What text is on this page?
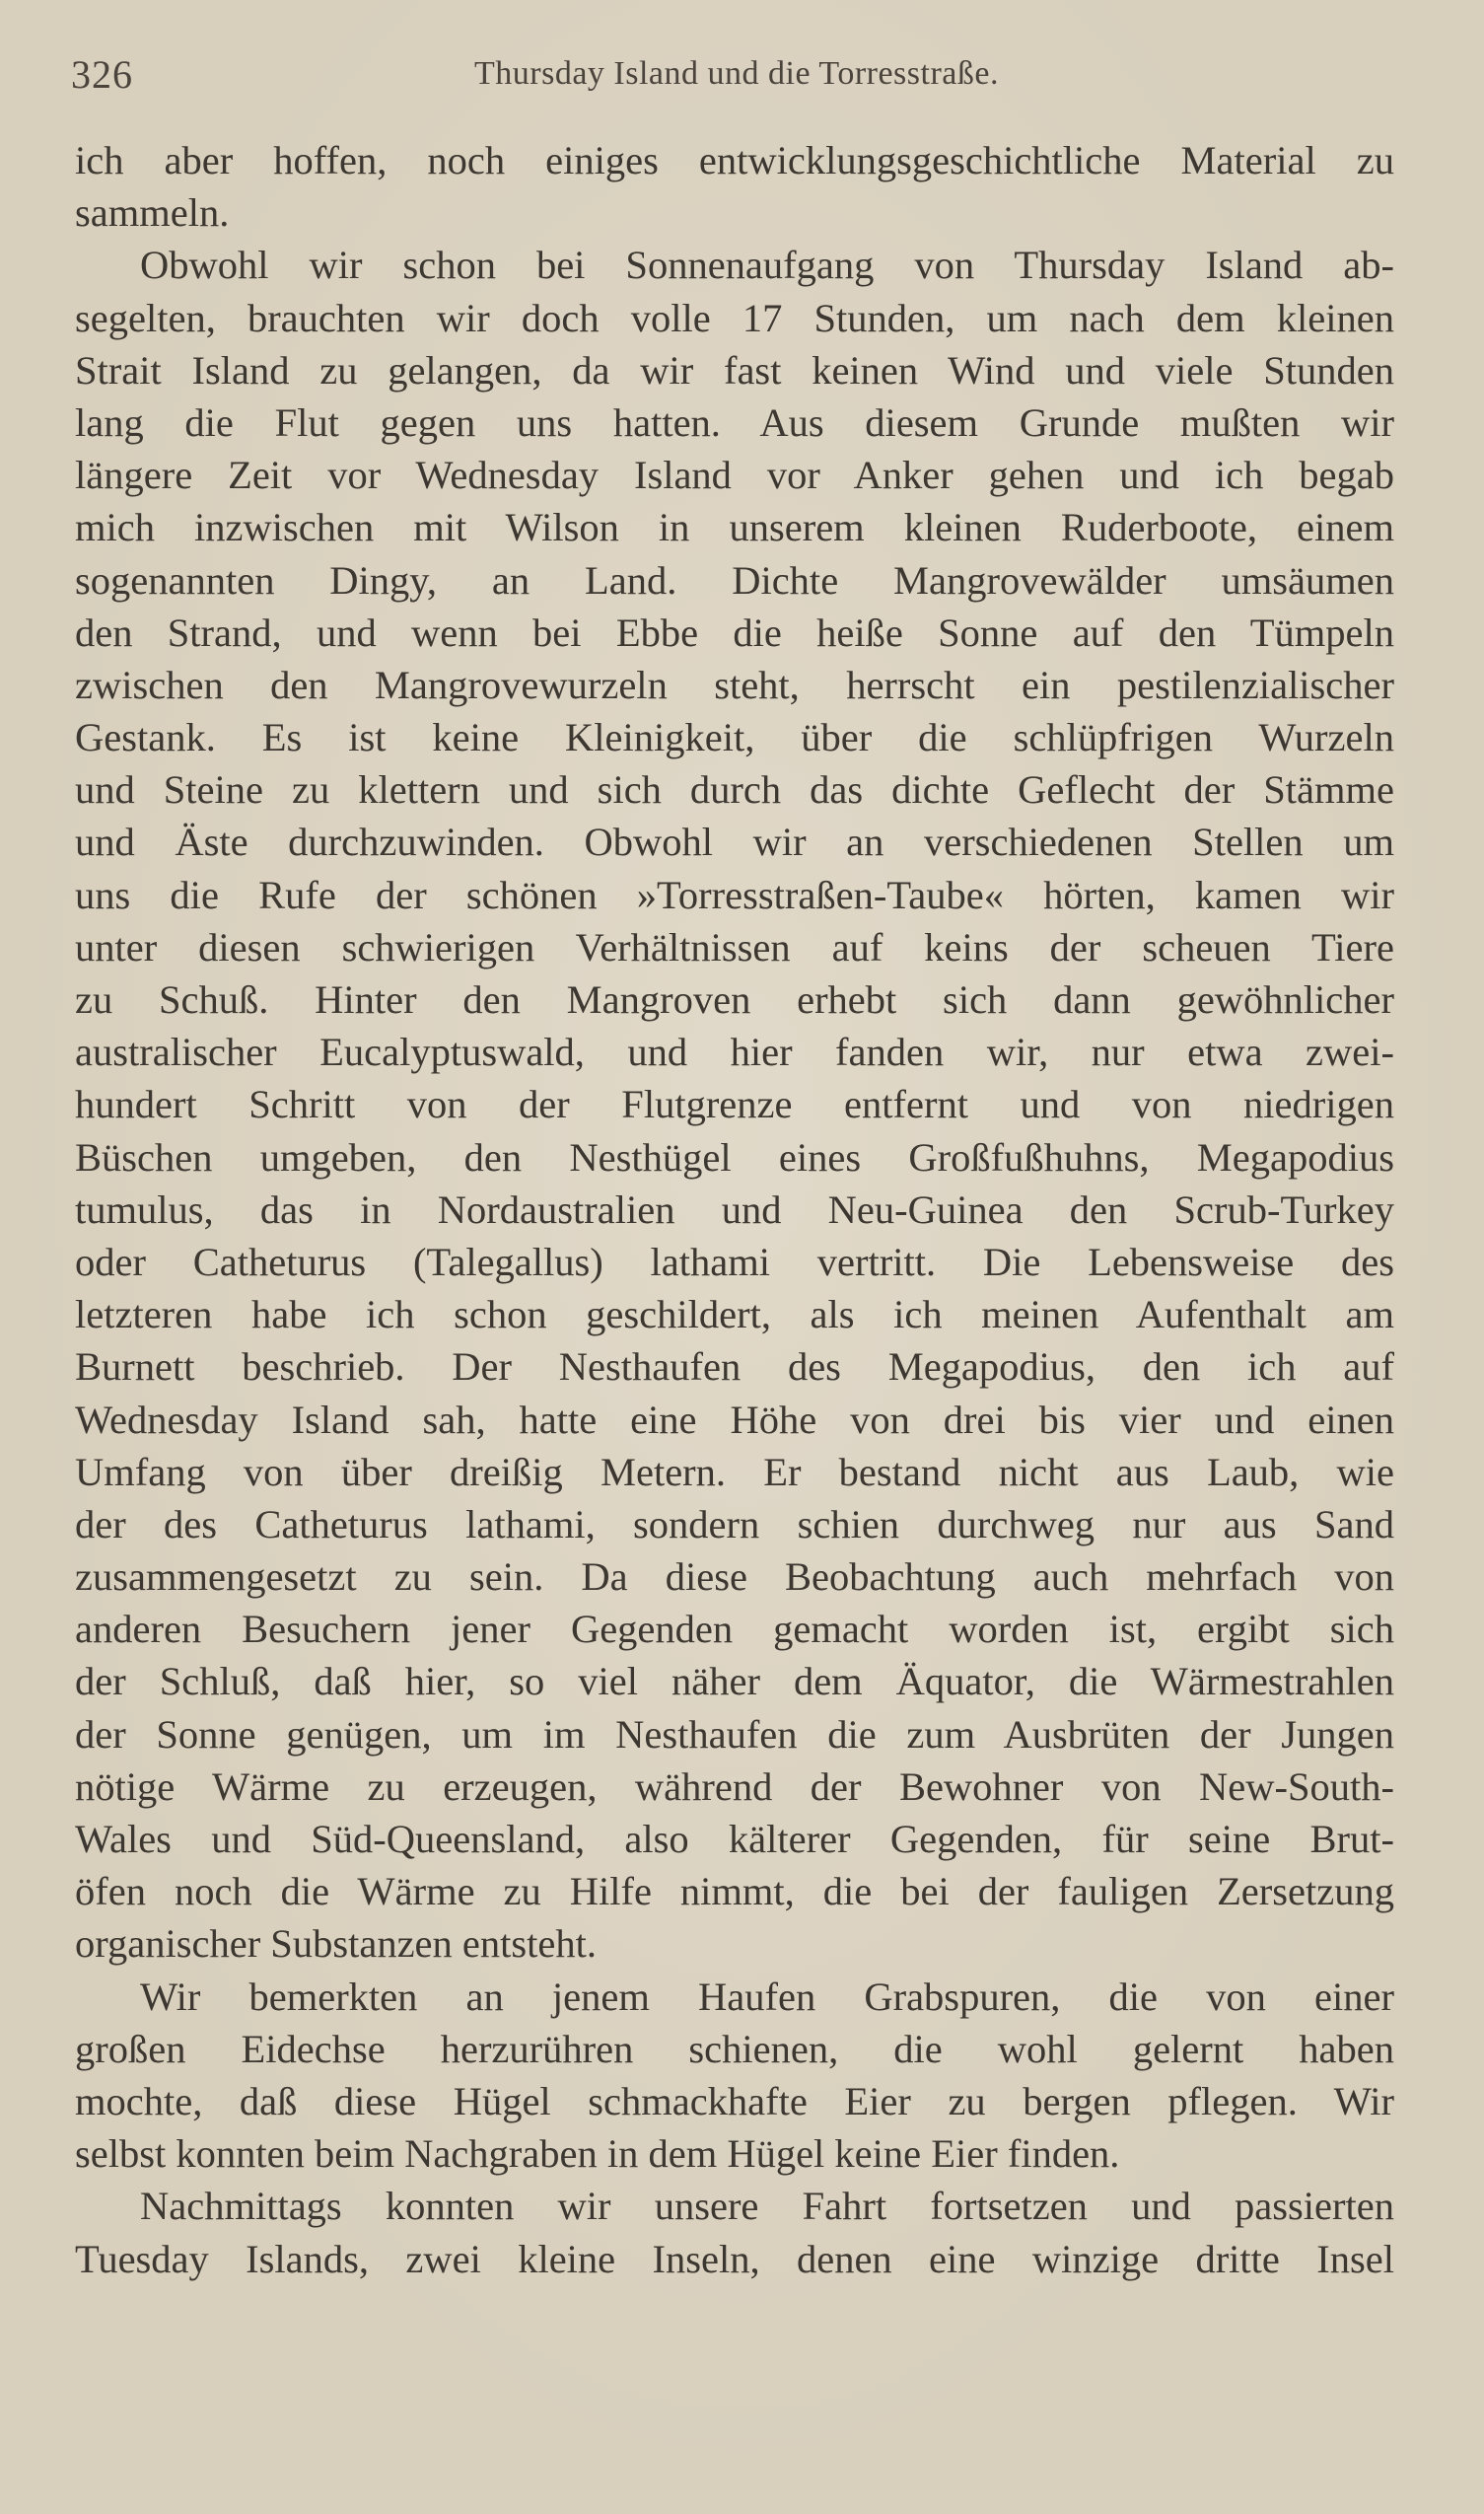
326	Thursday Island und die Torresstraße.
ich aber hoffen, noch einiges entwicklungsgeschichtliche Material zu
sammeln.
Obwohl wir schon bei Sonnenaufgang von Thursday Island ab-
segelten, brauchten wir doch volle 17 Stunden, um nach dem kleinen
Strait Island zu gelangen, da wir fast keinen Wind und viele Stunden
lang die Flut gegen uns hatten. Aus diesem Grunde mußten wir
längere Zeit vor Wednesday Island vor Anker gehen und ich begab
mich inzwischen mit Wilson in unserem kleinen Ruderboote, einem
sogenannten Dingy, an Land. Dichte Mangrovewälder umsäumen
den Strand, und wenn bei Ebbe die heiße Sonne auf den Tümpeln
zwischen den Mangrovewurzeln steht, herrscht ein pestilenzialischer
Gestank. Es ist keine Kleinigkeit, über die schlüpfrigen Wurzeln
und Steine zu klettern und sich durch das dichte Geflecht der Stämme
und Äste durchzuwinden. Obwohl wir an verschiedenen Stellen um
uns die Rufe der schönen »Torresstraßen-Taube« hörten, kamen wir
unter diesen schwierigen Verhältnissen auf keins der scheuen Tiere
zu Schuß. Hinter den Mangroven erhebt sich dann gewöhnlicher
australischer Eucalyptuswald, und hier fanden wir, nur etwa zwei-
hundert Schritt von der Flutgrenze entfernt und von niedrigen
Büschen umgeben, den Nesthügel eines Großfußhuhns, Megapodius
tumulus, das in Nordaustralien und Neu-Guinea den Scrub-Turkey
oder Catheturus (Talegallus) lathami vertritt. Die Lebensweise des
letzteren habe ich schon geschildert, als ich meinen Aufenthalt am
Burnett beschrieb. Der Nesthaufen des Megapodius, den ich auf
Wednesday Island sah, hatte eine Höhe von drei bis vier und einen
Umfang von über dreißig Metern. Er bestand nicht aus Laub, wie
der des Catheturus lathami, sondern schien durchweg nur aus Sand
zusammengesetzt zu sein. Da diese Beobachtung auch mehrfach von
anderen Besuchern jener Gegenden gemacht worden ist, ergibt sich
der Schluß, daß hier, so viel näher dem Äquator, die Wärmestrahlen
der Sonne genügen, um im Nesthaufen die zum Ausbrüten der Jungen
nötige Wärme zu erzeugen, während der Bewohner von New-South-
Wales und Süd-Queensland, also kälterer Gegenden, für seine Brut-
öfen noch die Wärme zu Hilfe nimmt, die bei der fauligen Zersetzung
organischer Substanzen entsteht.
Wir bemerkten an jenem Haufen Grabspuren, die von einer
großen Eidechse herzurühren schienen, die wohl gelernt haben
mochte, daß diese Hügel schmackhafte Eier zu bergen pflegen. Wir
selbst konnten beim Nachgraben in dem Hügel keine Eier finden.
Nachmittags konnten wir unsere Fahrt fortsetzen und passierten
Tuesday Islands, zwei kleine Inseln, denen eine winzige dritte Insel
